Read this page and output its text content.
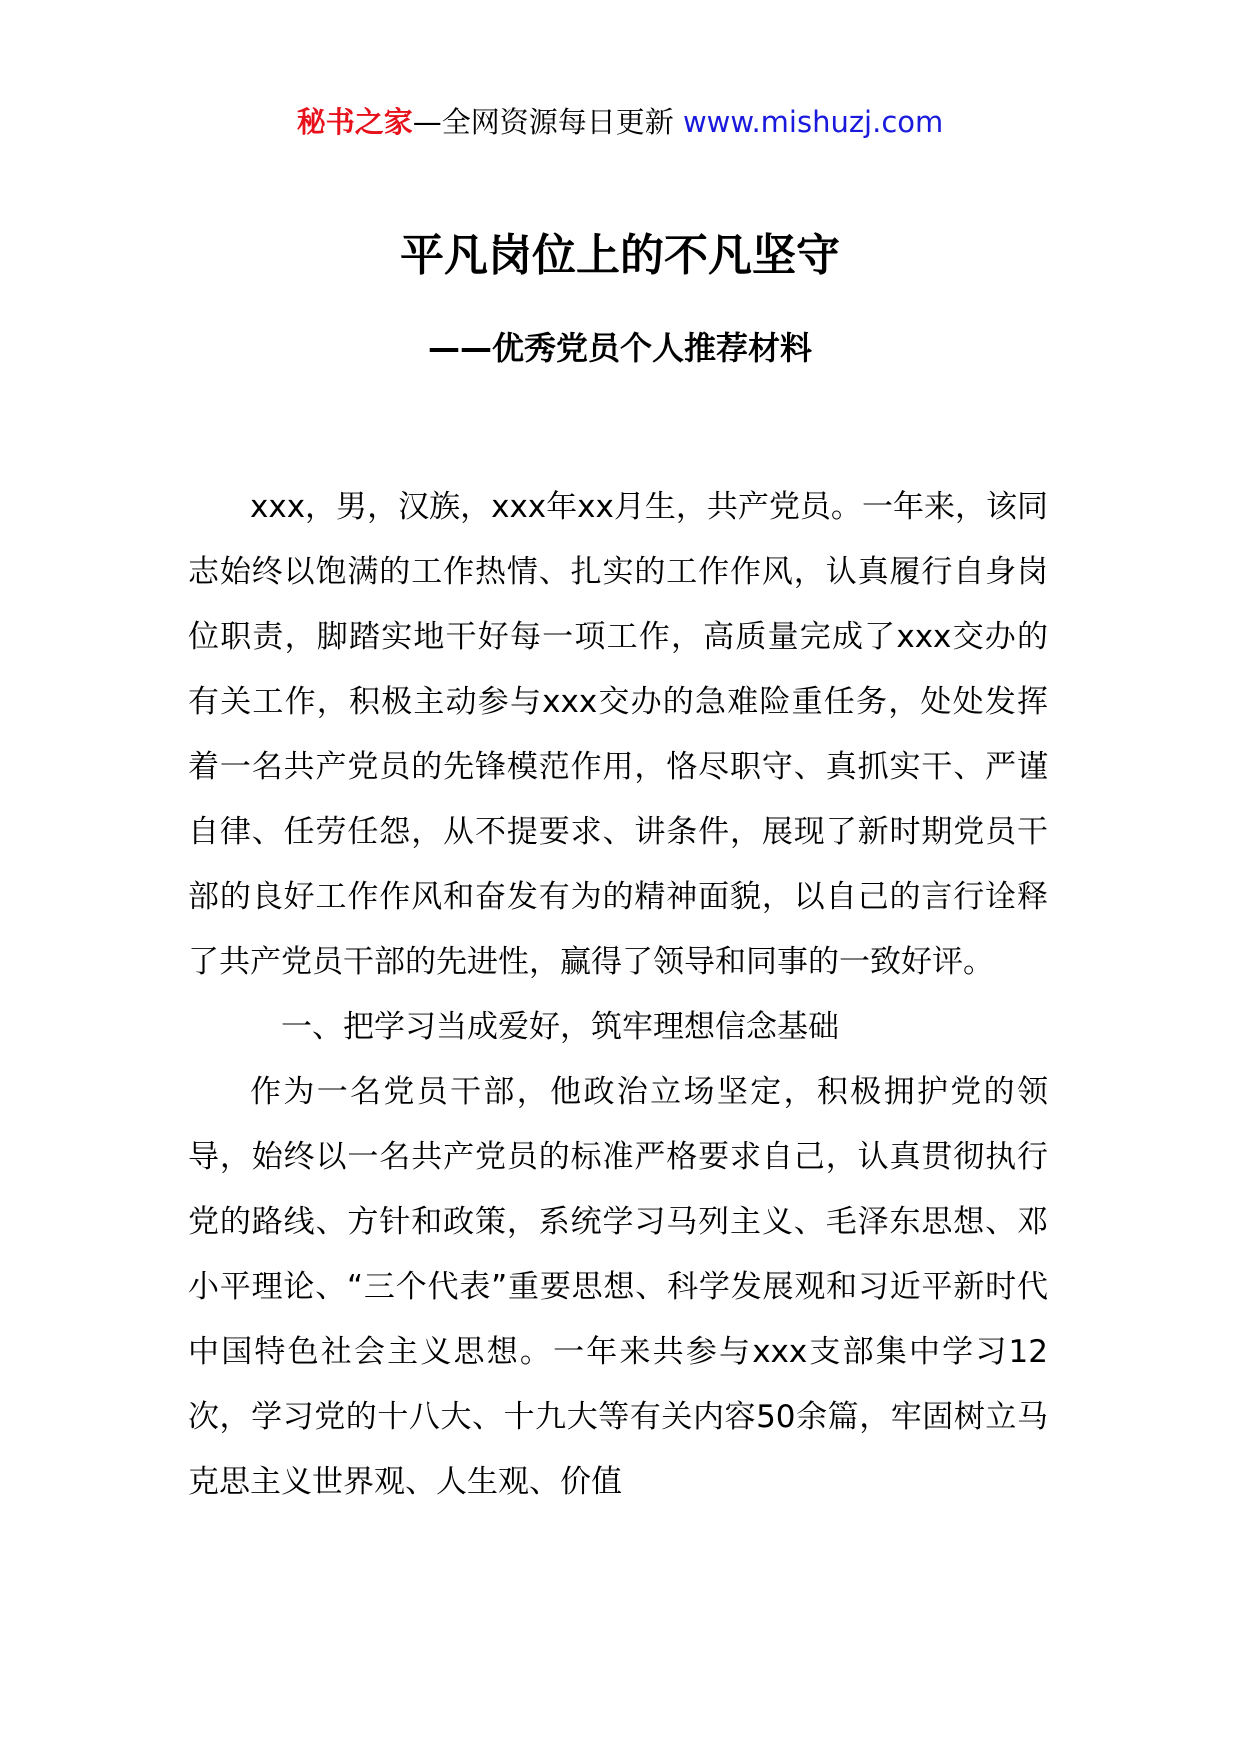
秘书之家—全网资源每日更新 www.mishuzj.com
平凡岗位上的不凡坚守
——优秀党员个人推荐材料

xxx，男，汉族，xxx年xx月生，共产党员。一年来，该同志始终以饱满的工作热情、扎实的工作作风，认真履行自身岗位职责，脚踏实地干好每一项工作，高质量完成了xxx交办的有关工作，积极主动参与xxx交办的急难险重任务，处处发挥着一名共产党员的先锋模范作用，恪尽职守、真抓实干、严谨自律、任劳任怨，从不提要求、讲条件，展现了新时期党员干部的良好工作作风和奋发有为的精神面貌，以自己的言行诠释了共产党员干部的先进性，赢得了领导和同事的一致好评。

一、把学习当成爱好，筑牢理想信念基础

作为一名党员干部，他政治立场坚定，积极拥护党的领导，始终以一名共产党员的标准严格要求自己，认真贯彻执行党的路线、方针和政策，系统学习马列主义、毛泽东思想、邓小平理论、“三个代表”重要思想、科学发展观和习近平新时代中国特色社会主义思想。一年来共参与xxx支部集中学习12次，学习党的十八大、十九大等有关内容50余篇，牢固树立马克思主义世界观、人生观、价值
